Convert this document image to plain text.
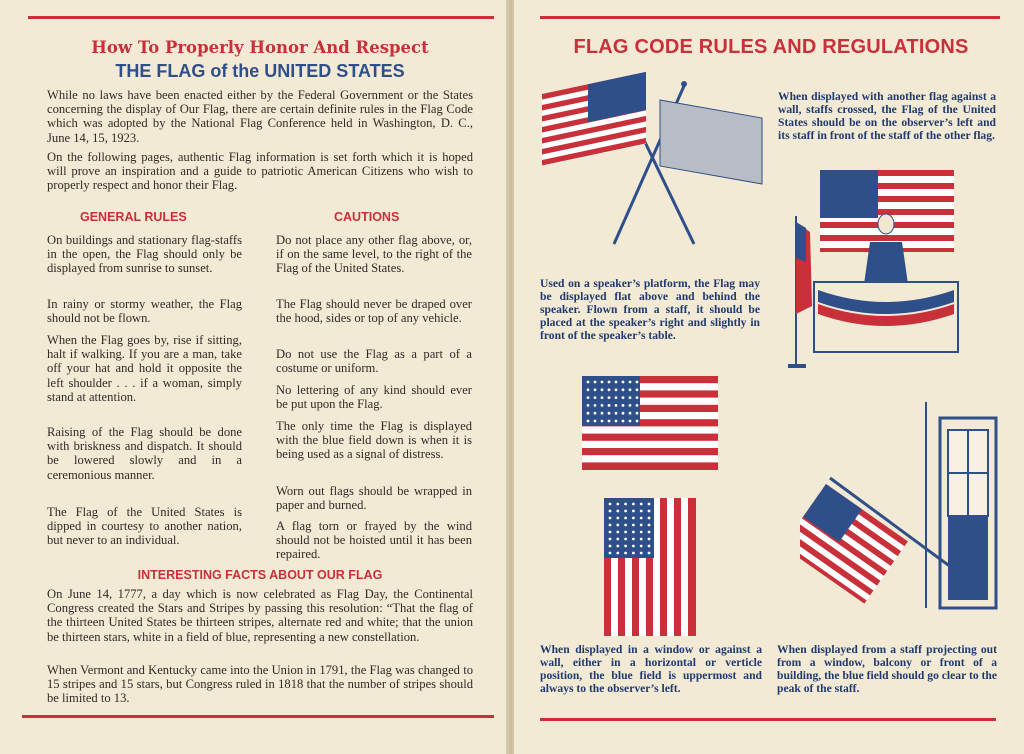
How To Properly Honor And Respect
THE FLAG of the UNITED STATES

While no laws have been enacted either by the Federal Government or the States concerning the display of Our Flag, there are certain definite rules in the Flag Code which was adopted by the National Flag Conference held in Washington, D. C., June 14, 15, 1923.

On the following pages, authentic Flag information is set forth which it is hoped will prove an inspiration and a guide to patriotic American Citizens who wish to properly respect and honor their Flag.

GENERAL RULES	CAUTIONS

On buildings and stationary flag-staffs in the open, the Flag should only be displayed from sunrise to sunset.

In rainy or stormy weather, the Flag should not be flown.

When the Flag goes by, rise if sitting, halt if walking. If you are a man, take off your hat and hold it opposite the left shoulder . . . if a woman, simply stand at attention.

Raising of the Flag should be done with briskness and dispatch. It should be lowered slowly and in a ceremonious manner.

The Flag of the United States is dipped in courtesy to another nation, but never to an individual.

Do not place any other flag above, or, if on the same level, to the right of the Flag of the United States.

The Flag should never be draped over the hood, sides or top of any vehicle.

Do not use the Flag as a part of a costume or uniform.

No lettering of any kind should ever be put upon the Flag.

The only time the Flag is displayed with the blue field down is when it is being used as a signal of distress.

Worn out flags should be wrapped in paper and burned.

A flag torn or frayed by the wind should not be hoisted until it has been repaired.

INTERESTING FACTS ABOUT OUR FLAG

On June 14, 1777, a day which is now celebrated as Flag Day, the Continental Congress created the Stars and Stripes by passing this resolution: “That the flag of the thirteen United States be thirteen stripes, alternate red and white; that the union be thirteen stars, white in a field of blue, representing a new constellation.

When Vermont and Kentucky came into the Union in 1791, the Flag was changed to 15 stripes and 15 stars, but Congress ruled in 1818 that the number of stripes should be limited to 13.

FLAG CODE RULES AND REGULATIONS

When displayed with another flag against a wall, staffs crossed, the Flag of the United States should be on the observer’s left and its staff in front of the staff of the other flag.

Used on a speaker’s platform, the Flag may be displayed flat above and behind the speaker. Flown from a staff, it should be placed at the speaker’s right and slightly in front of the speaker’s table.

When displayed in a window or against a wall, either in a horizontal or verticle position, the blue field is uppermost and always to the observer’s left.

When displayed from a staff projecting out from a window, balcony or front of a building, the blue field should go clear to the peak of the staff.
